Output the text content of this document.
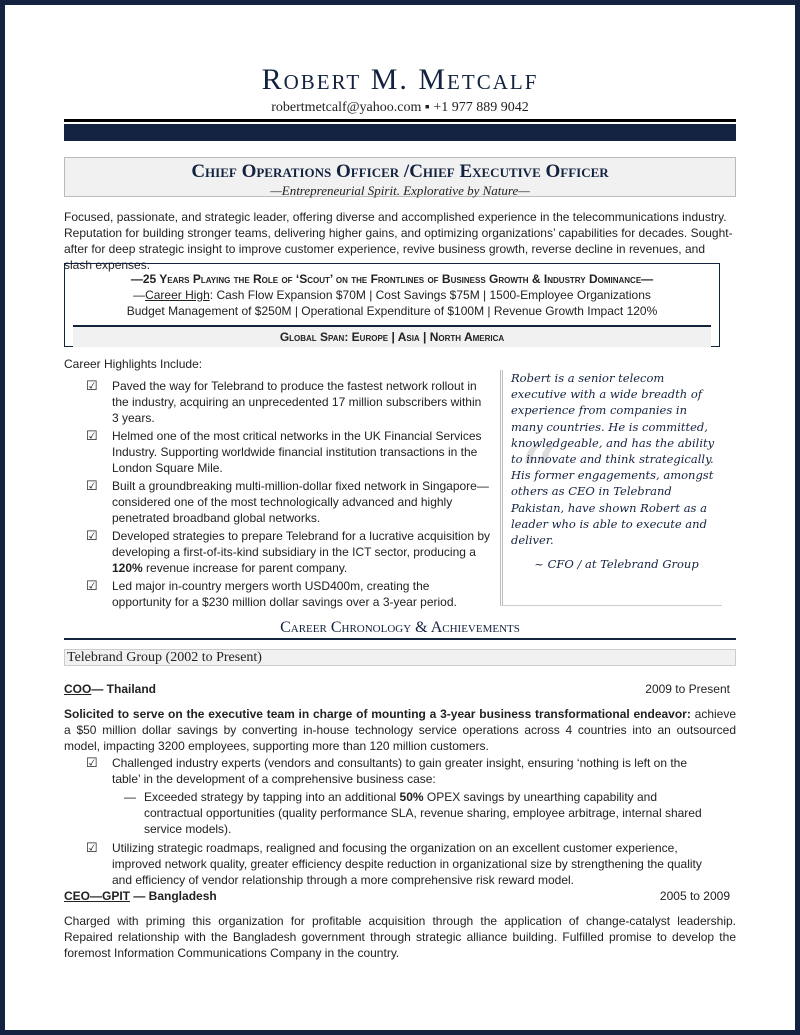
Robert M. Metcalf
robertmetcalf@yahoo.com ▪ +1 977 889 9042
Chief Operations Officer /Chief Executive Officer
—Entrepreneurial Spirit. Explorative by Nature—
Focused, passionate, and strategic leader, offering diverse and accomplished experience in the telecommunications industry. Reputation for building stronger teams, delivering higher gains, and optimizing organizations’ capabilities for decades. Sought-after for deep strategic insight to improve customer experience, revive business growth, reverse decline in revenues, and slash expenses.
—25 Years Playing the Role of ‘Scout’ on the Frontlines of Business Growth & Industry Dominance—
—Career High: Cash Flow Expansion $70M | Cost Savings $75M | 1500-Employee Organizations
Budget Management of $250M | Operational Expenditure of $100M | Revenue Growth Impact 120%
Global Span: Europe | Asia | North America
Career Highlights Include:
☑ Paved the way for Telebrand to produce the fastest network rollout in the industry, acquiring an unprecedented 17 million subscribers within 3 years.
☑ Helmed one of the most critical networks in the UK Financial Services Industry. Supporting worldwide financial institution transactions in the London Square Mile.
☑ Built a groundbreaking multi-million-dollar fixed network in Singapore—considered one of the most technologically advanced and highly penetrated broadband global networks.
☑ Developed strategies to prepare Telebrand for a lucrative acquisition by developing a first-of-its-kind subsidiary in the ICT sector, producing a 120% revenue increase for parent company.
☑ Led major in-country mergers worth USD400m, creating the opportunity for a $230 million dollar savings over a 3-year period.
“
Robert is a senior telecom executive with a wide breadth of experience from companies in many countries. He is committed, knowledgeable, and has the ability to innovate and think strategically. His former engagements, amongst others as CEO in Telebrand Pakistan, have shown Robert as a leader who is able to execute and deliver.
~ CFO / at Telebrand Group
Career Chronology & Achievements
Telebrand Group (2002 to Present)
COO— Thailand	2009 to Present
Solicited to serve on the executive team in charge of mounting a 3-year business transformational endeavor: achieve a $50 million dollar savings by converting in-house technology service operations across 4 countries into an outsourced model, impacting 3200 employees, supporting more than 120 million customers.
☑ Challenged industry experts (vendors and consultants) to gain greater insight, ensuring ‘nothing is left on the table’ in the development of a comprehensive business case:
— Exceeded strategy by tapping into an additional 50% OPEX savings by unearthing capability and contractual opportunities (quality performance SLA, revenue sharing, employee arbitrage, internal shared service models).
☑ Utilizing strategic roadmaps, realigned and focusing the organization on an excellent customer experience, improved network quality, greater efficiency despite reduction in organizational size by strengthening the quality and efficiency of vendor relationship through a more comprehensive risk reward model.
CEO—GPIT — Bangladesh	2005 to 2009
Charged with priming this organization for profitable acquisition through the application of change-catalyst leadership. Repaired relationship with the Bangladesh government through strategic alliance building. Fulfilled promise to develop the foremost Information Communications Company in the country.
